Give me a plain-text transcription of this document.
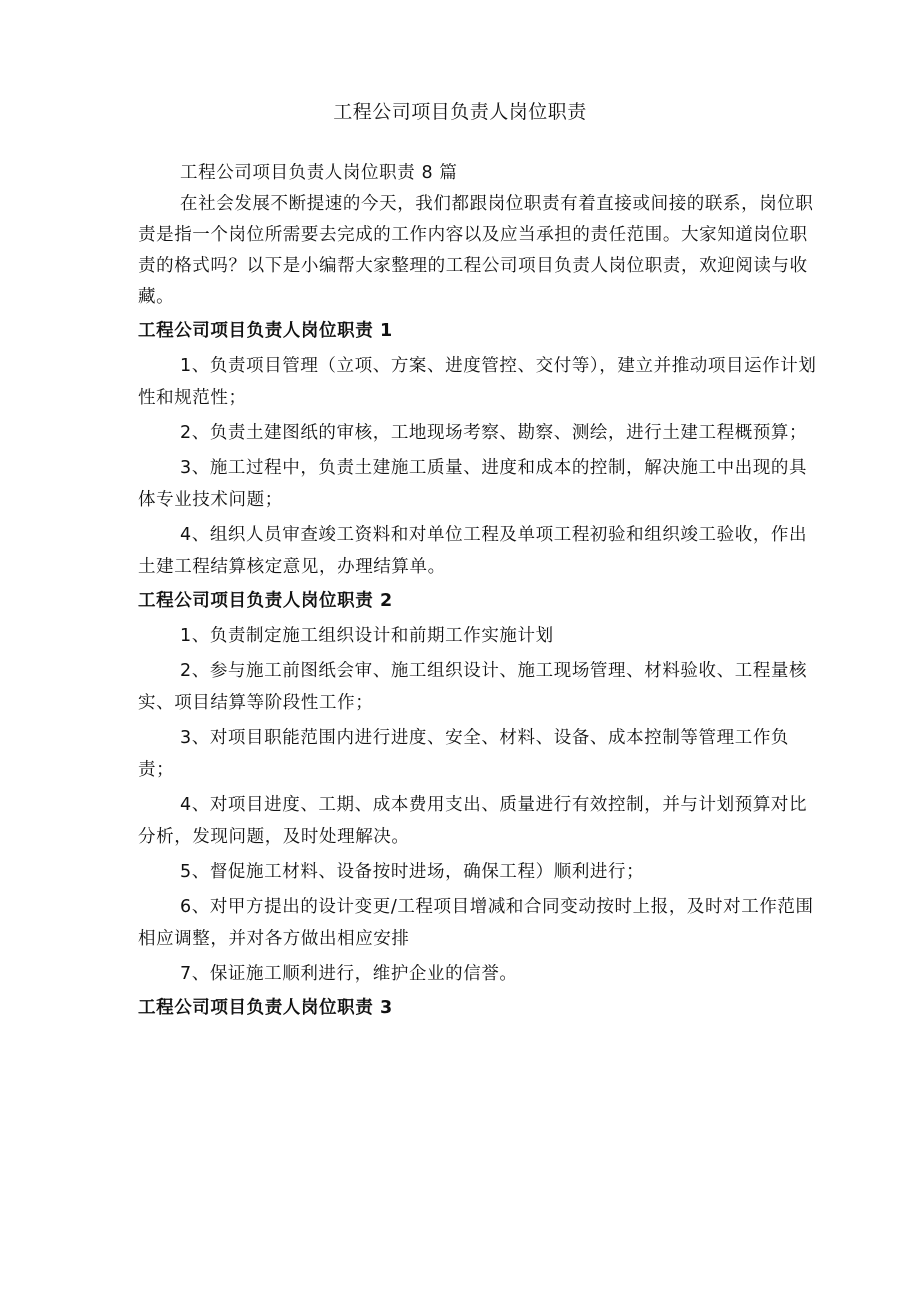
工程公司项目负责人岗位职责

工程公司项目负责人岗位职责 8 篇

在社会发展不断提速的今天，我们都跟岗位职责有着直接或间接的联系，岗位职责是指一个岗位所需要去完成的工作内容以及应当承担的责任范围。大家知道岗位职责的格式吗？以下是小编帮大家整理的工程公司项目负责人岗位职责，欢迎阅读与收藏。

工程公司项目负责人岗位职责 1

1、负责项目管理（立项、方案、进度管控、交付等），建立并推动项目运作计划性和规范性；

2、负责土建图纸的审核，工地现场考察、勘察、测绘，进行土建工程概预算；

3、施工过程中，负责土建施工质量、进度和成本的控制，解决施工中出现的具体专业技术问题；

4、组织人员审查竣工资料和对单位工程及单项工程初验和组织竣工验收，作出土建工程结算核定意见，办理结算单。

工程公司项目负责人岗位职责 2

1、负责制定施工组织设计和前期工作实施计划

2、参与施工前图纸会审、施工组织设计、施工现场管理、材料验收、工程量核实、项目结算等阶段性工作；

3、对项目职能范围内进行进度、安全、材料、设备、成本控制等管理工作负责；

4、对项目进度、工期、成本费用支出、质量进行有效控制，并与计划预算对比分析，发现问题，及时处理解决。

5、督促施工材料、设备按时进场，确保工程）顺利进行；

6、对甲方提出的设计变更/工程项目增减和合同变动按时上报，及时对工作范围相应调整，并对各方做出相应安排

7、保证施工顺利进行，维护企业的信誉。

工程公司项目负责人岗位职责 3
